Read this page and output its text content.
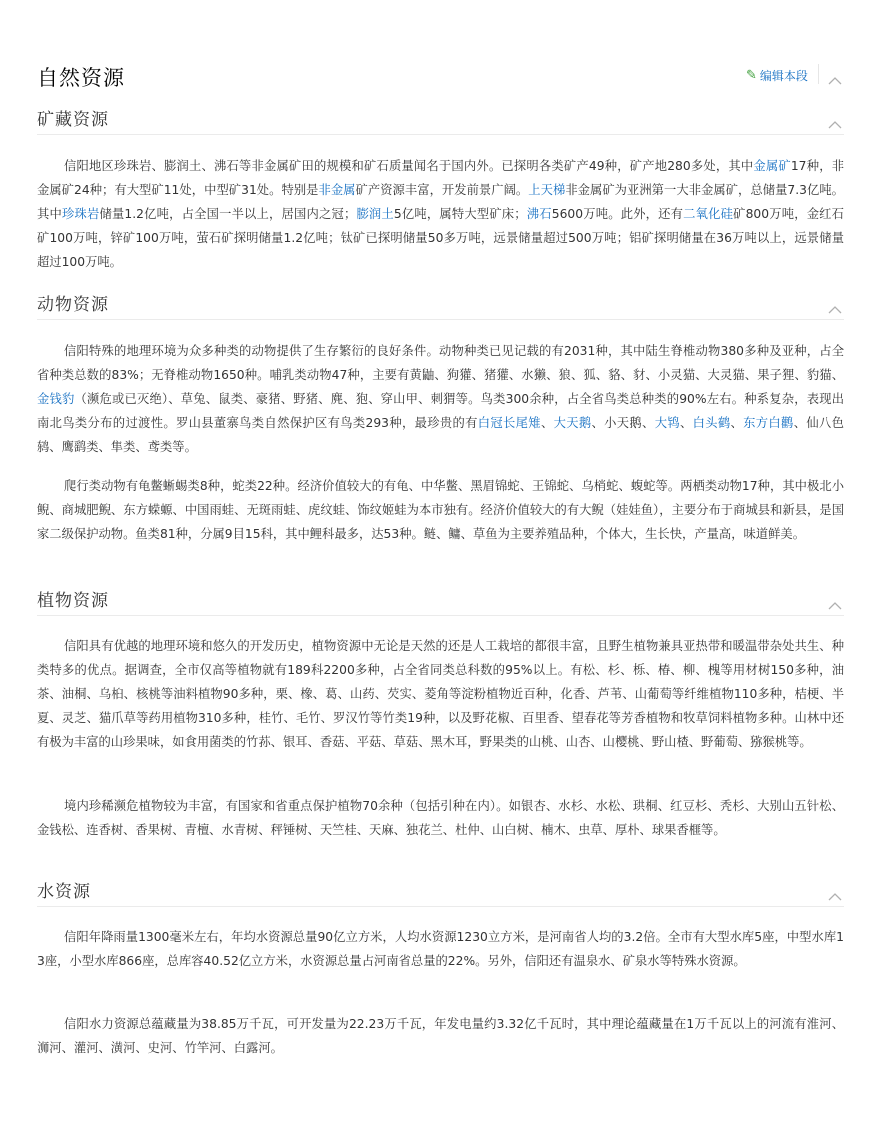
自然资源	✎ 编辑本段
矿藏资源

信阳地区珍珠岩、膨润土、沸石等非金属矿田的规模和矿石质量闻名于国内外。已探明各类矿产49种，矿产地280多处，其中金属矿17种，非金属矿24种；有大型矿11处，中型矿31处。特别是非金属矿产资源丰富，开发前景广阔。上天梯非金属矿为亚洲第一大非金属矿，总储量7.3亿吨。其中珍珠岩储量1.2亿吨，占全国一半以上，居国内之冠；膨润土5亿吨，属特大型矿床；沸石5600万吨。此外，还有二氧化硅矿800万吨，金红石矿100万吨，锌矿100万吨，萤石矿探明储量1.2亿吨；钛矿已探明储量50多万吨，远景储量超过500万吨；铝矿探明储量在36万吨以上，远景储量超过100万吨。

动物资源

信阳特殊的地理环境为众多种类的动物提供了生存繁衍的良好条件。动物种类已见记载的有2031种，其中陆生脊椎动物380多种及亚种，占全省种类总数的83%；无脊椎动物1650种。哺乳类动物47种，主要有黄鼬、狗獾、猪獾、水獭、狼、狐、貉、豺、小灵猫、大灵猫、果子狸、豹猫、金钱豹（濒危或已灭绝）、草兔、鼠类、豪猪、野猪、麂、狍、穿山甲、刺猬等。鸟类300余种，占全省鸟类总种类的90%左右。种系复杂，表现出南北鸟类分布的过渡性。罗山县董寨鸟类自然保护区有鸟类293种，最珍贵的有白冠长尾雉、大天鹅、小天鹅、大鸨、白头鹤、东方白鹳、仙八色鸫、鹰鹞类、隼类、鸢类等。

爬行类动物有龟鳖蜥蜴类8种，蛇类22种。经济价值较大的有龟、中华鳖、黑眉锦蛇、王锦蛇、乌梢蛇、蝮蛇等。两栖类动物17种，其中极北小鲵、商城肥鲵、东方蝾螈、中国雨蛙、无斑雨蛙、虎纹蛙、饰纹姬蛙为本市独有。经济价值较大的有大鲵（娃娃鱼），主要分布于商城县和新县，是国家二级保护动物。鱼类81种，分属9目15科，其中鲤科最多，达53种。鲢、鳙、草鱼为主要养殖品种，个体大，生长快，产量高，味道鲜美。

植物资源

信阳具有优越的地理环境和悠久的开发历史，植物资源中无论是天然的还是人工栽培的都很丰富，且野生植物兼具亚热带和暖温带杂处共生、种类特多的优点。据调查，全市仅高等植物就有189科2200多种，占全省同类总科数的95%以上。有松、杉、栎、椿、柳、槐等用材树150多种，油茶、油桐、乌桕、核桃等油料植物90多种，栗、橡、葛、山药、芡实、菱角等淀粉植物近百种，化香、芦苇、山葡萄等纤维植物110多种，桔梗、半夏、灵芝、猫爪草等药用植物310多种，桂竹、毛竹、罗汉竹等竹类19种，以及野花椒、百里香、望春花等芳香植物和牧草饲料植物多种。山林中还有极为丰富的山珍果味，如食用菌类的竹荪、银耳、香菇、平菇、草菇、黑木耳，野果类的山桃、山杏、山樱桃、野山楂、野葡萄、猕猴桃等。

境内珍稀濒危植物较为丰富，有国家和省重点保护植物70余种（包括引种在内）。如银杏、水杉、水松、珙桐、红豆杉、秃杉、大别山五针松、金钱松、连香树、香果树、青檀、水青树、秤锤树、天竺桂、天麻、独花兰、杜仲、山白树、楠木、虫草、厚朴、球果香榧等。

水资源

信阳年降雨量1300毫米左右，年均水资源总量90亿立方米，人均水资源1230立方米，是河南省人均的3.2倍。全市有大型水库5座，中型水库13座，小型水库866座，总库容40.52亿立方米，水资源总量占河南省总量的22%。另外，信阳还有温泉水、矿泉水等特殊水资源。

信阳水力资源总蕴藏量为38.85万千瓦，可开发量为22.23万千瓦，年发电量约3.32亿千瓦时，其中理论蕴藏量在1万千瓦以上的河流有淮河、浉河、灌河、潢河、史河、竹竿河、白露河。
